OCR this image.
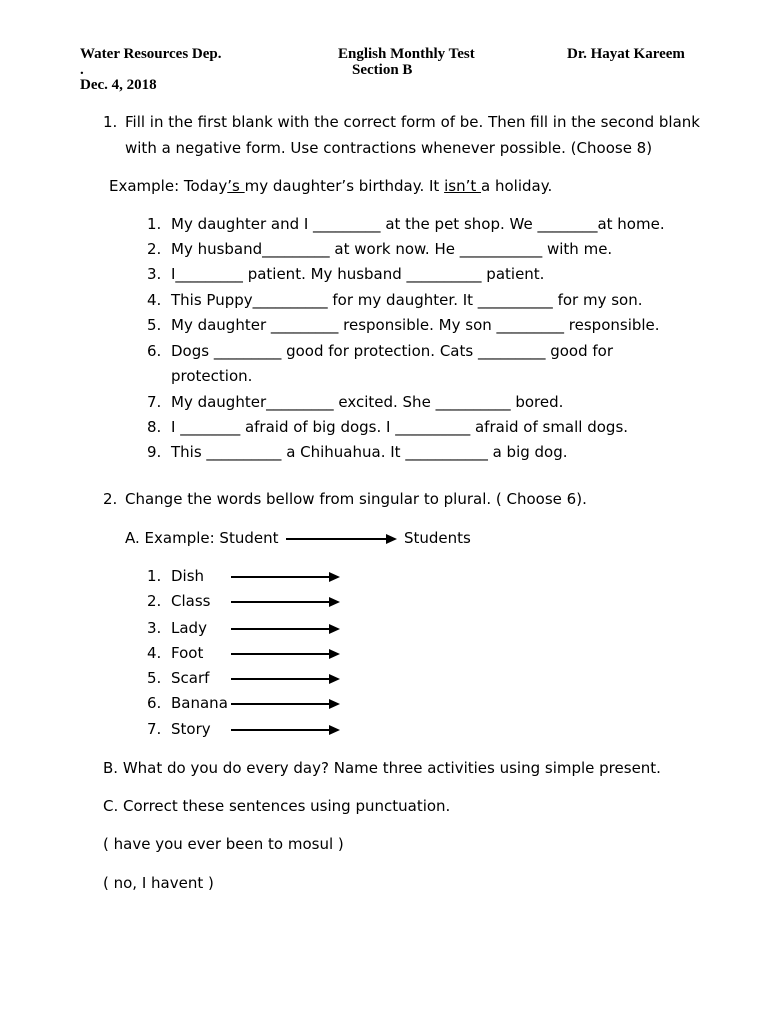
Water Resources Dep.
.
Dec. 4, 2018
English Monthly Test
Section B
Dr. Hayat Kareem
1. Fill in the first blank with the correct form of be. Then fill in the second blank
with a negative form. Use contractions whenever possible. (Choose 8)
Example: Today’s my daughter’s birthday. It isn’t a holiday.
1. My daughter and I _________ at the pet shop. We ________at home.
2. My husband_________ at work now. He ___________ with me.
3. I_________ patient. My husband __________ patient.
4. This Puppy__________ for my daughter. It __________ for my son.
5. My daughter _________ responsible. My son _________ responsible.
6. Dogs _________ good for protection. Cats _________ good for
protection.
7. My daughter_________ excited. She __________ bored.
8. I ________ afraid of big dogs. I __________ afraid of small dogs.
9. This __________ a Chihuahua. It ___________ a big dog.
2. Change the words bellow from singular to plural. ( Choose 6).
A. Example: Student	Students
1. Dish
2. Class
3. Lady
4. Foot
5. Scarf
6. Banana
7. Story
B. What do you do every day? Name three activities using simple present.
C. Correct these sentences using punctuation.
( have you ever been to mosul )
( no, I havent )
